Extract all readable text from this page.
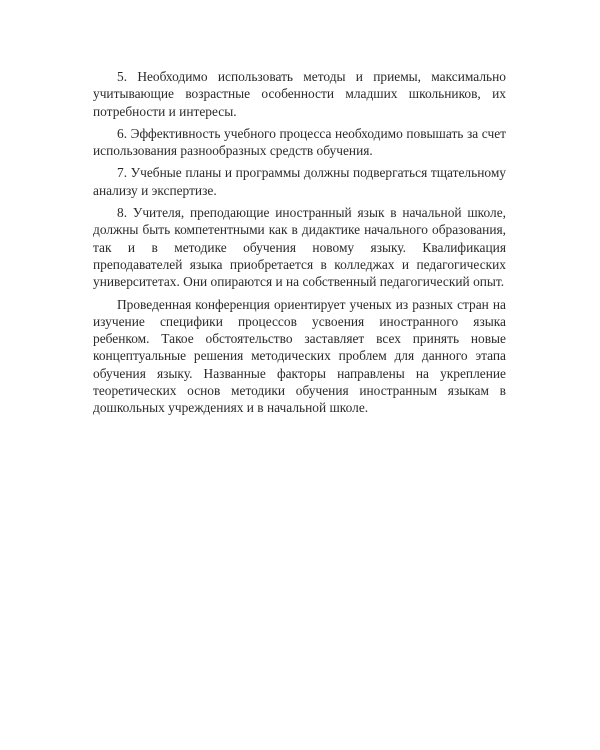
5. Необходимо использовать методы и приемы, максимально учитывающие возрастные особенности младших школьников, их потребности и интересы.

6. Эффективность учебного процесса необходимо повышать за счет использования разнообразных средств обучения.

7. Учебные планы и программы должны подвергаться тщательному анализу и экспертизе.

8. Учителя, преподающие иностранный язык в начальной школе, должны быть компетентными как в дидактике начального образования, так и в методике обучения новому языку. Квалификация преподавателей языка приобретается в колледжах и педагогических университетах. Они опираются и на собственный педагогический опыт.

Проведенная конференция ориентирует ученых из разных стран на изучение специфики процессов усвоения иностранного языка ребенком. Такое обстоятельство заставляет всех принять новые концептуальные решения методических проблем для данного этапа обучения языку. Названные факторы направлены на укрепление теоретических основ методики обучения иностранным языкам в дошкольных учреждениях и в начальной школе.
